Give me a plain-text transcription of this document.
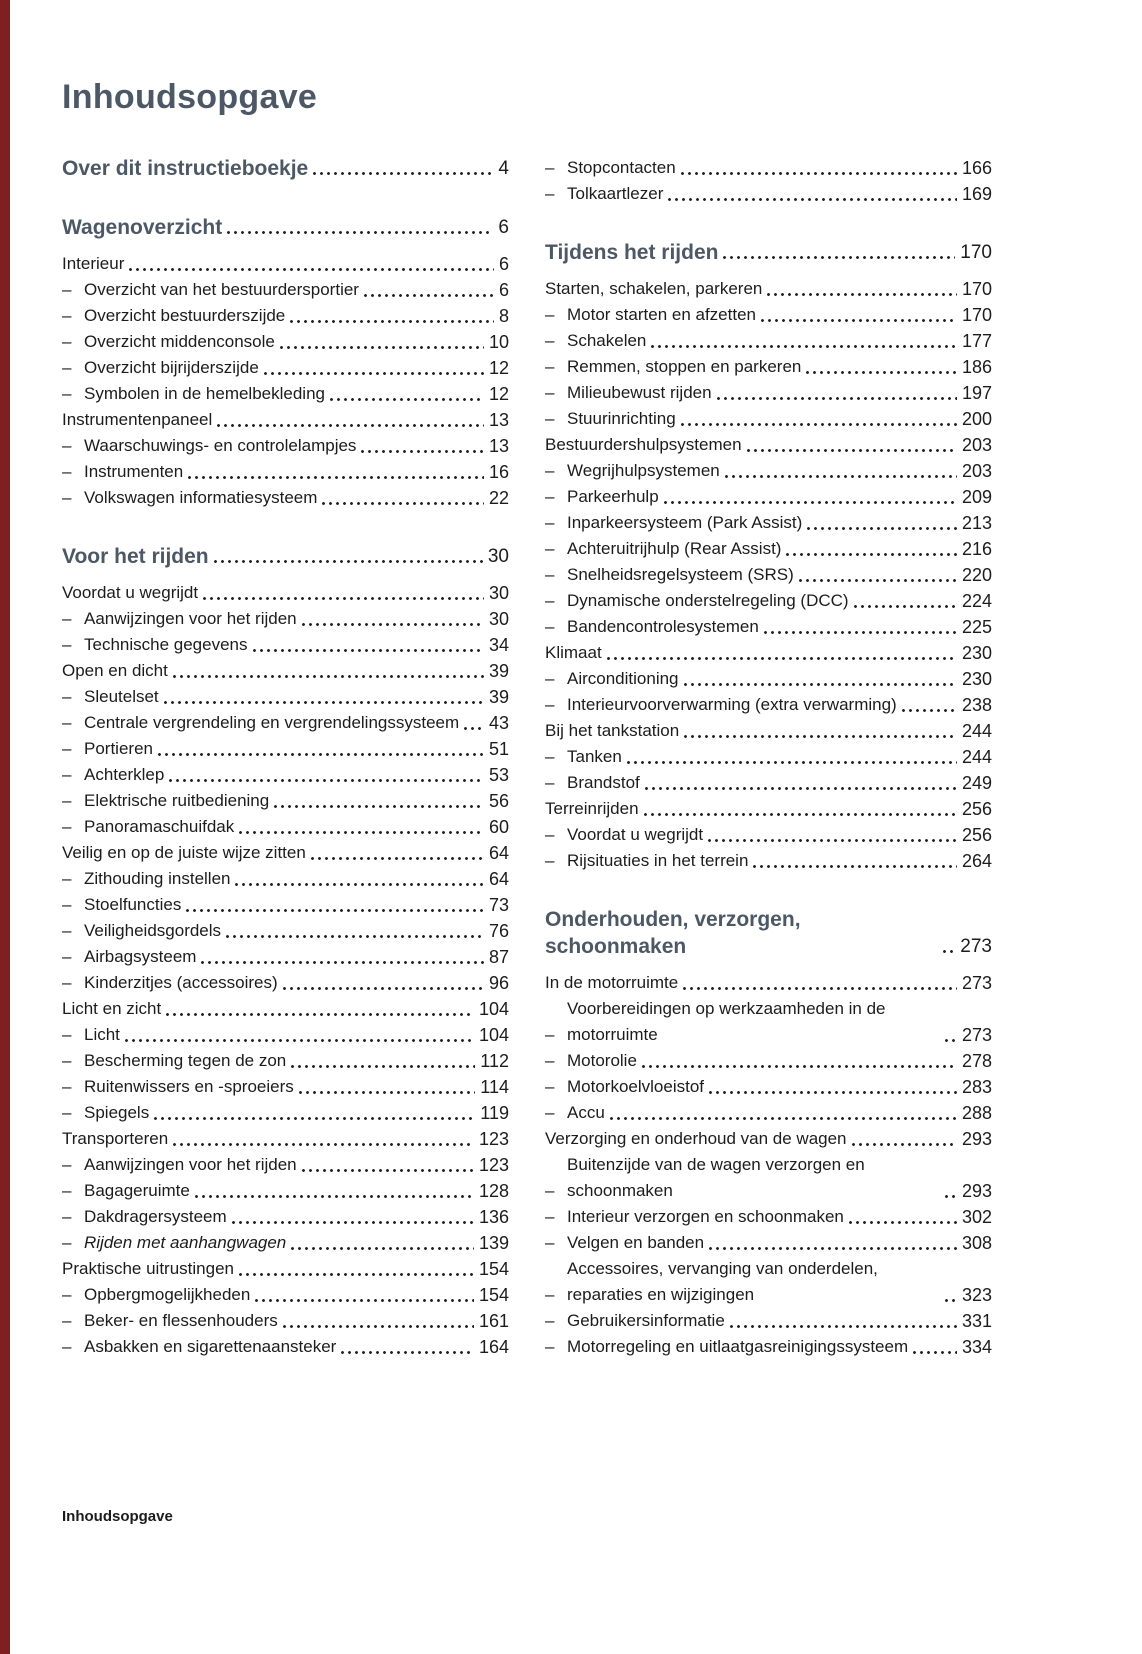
Inhoudsopgave
Over dit instructieboekje	4
Wagenoverzicht	6
Interieur	6
– Overzicht van het bestuurdersportier	6
– Overzicht bestuurderszijde	8
– Overzicht middenconsole	10
– Overzicht bijrijderszijde	12
– Symbolen in de hemelbekleding	12
Instrumentenpaneel	13
– Waarschuwings- en controlelampjes	13
– Instrumenten	16
– Volkswagen informatiesysteem	22
Voor het rijden	30
Voordat u wegrijdt	30
– Aanwijzingen voor het rijden	30
– Technische gegevens	34
Open en dicht	39
– Sleutelset	39
– Centrale vergrendeling en vergrendelingssysteem 43
– Portieren	51
– Achterklep	53
– Elektrische ruitbediening	56
– Panoramaschuifdak	60
Veilig en op de juiste wijze zitten	64
– Zithouding instellen	64
– Stoelfuncties	73
– Veiligheidsgordels	76
– Airbagsysteem	87
– Kinderzitjes (accessoires)	96
Licht en zicht	104
– Licht	104
– Bescherming tegen de zon	112
– Ruitenwissers en -sproeiers	114
– Spiegels	119
Transporteren	123
– Aanwijzingen voor het rijden	123
– Bagageruimte	128
– Dakdragersysteem	136
– Rijden met aanhangwagen	139
Praktische uitrustingen	154
– Opbergmogelijkheden	154
– Beker- en flessenhouders	161
– Asbakken en sigarettenaansteker	164
– Stopcontacten	166
– Tolkaartlezer	169
Tijdens het rijden	170
Starten, schakelen, parkeren	170
– Motor starten en afzetten	170
– Schakelen	177
– Remmen, stoppen en parkeren	186
– Milieubewust rijden	197
– Stuurinrichting	200
Bestuurdershulpsystemen	203
– Wegrijhulpsystemen	203
– Parkeerhulp	209
– Inparkeersysteem (Park Assist)	213
– Achteruitrijhulp (Rear Assist)	216
– Snelheidsregelsysteem (SRS)	220
– Dynamische onderstelregeling (DCC)	224
– Bandencontrolesystemen	225
Klimaat	230
– Airconditioning	230
– Interieurvoorverwarming (extra verwarming)	238
Bij het tankstation	244
– Tanken	244
– Brandstof	249
Terreinrijden	256
– Voordat u wegrijdt	256
– Rijsituaties in het terrein	264
Onderhouden, verzorgen, schoonmaken	273
In de motorruimte	273
–
Voorbereidingen op werkzaamheden in de motorruimte	273
– Motorolie	278
– Motorkoelvloeistof	283
– Accu	288
Verzorging en onderhoud van de wagen	293
–
Buitenzijde van de wagen verzorgen en schoonmaken	293
– Interieur verzorgen en schoonmaken	302
– Velgen en banden	308
–
Accessoires, vervanging van onderdelen, reparaties en wijzigingen	323
– Gebruikersinformatie	331
– Motorregeling en uitlaatgasreinigingssysteem	334
Inhoudsopgave
